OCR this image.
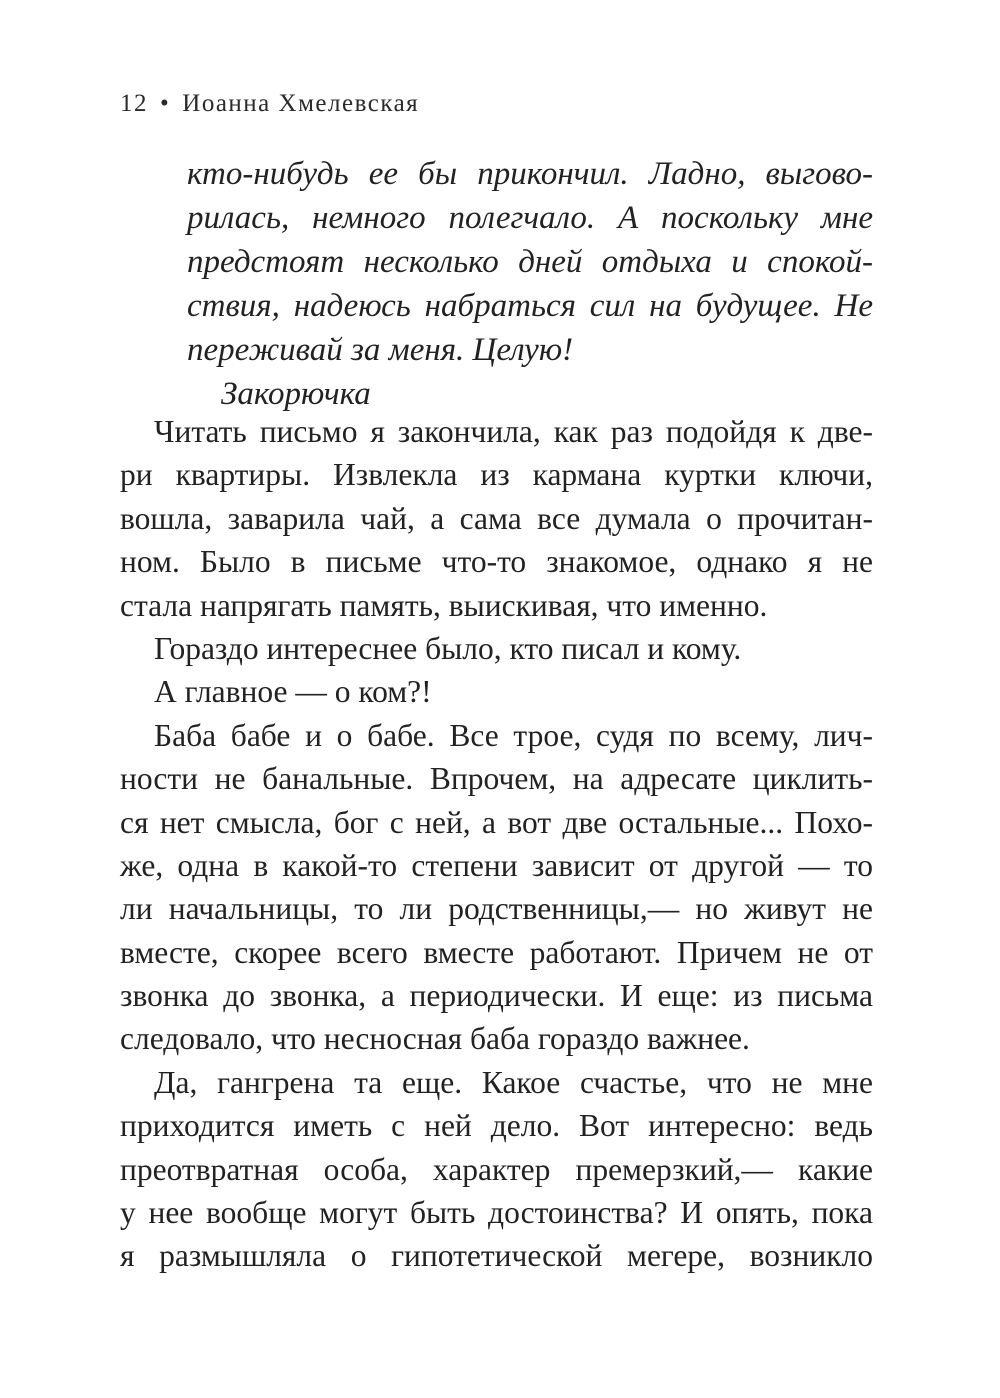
12 • Иоанна Хмелевская
кто-нибудь ее бы прикончил. Ладно, выгово-
рилась, немного полегчало. А поскольку мне
предстоят несколько дней отдыха и спокой-
ствия, надеюсь набраться сил на будущее. Не
переживай за меня. Целую!
Закорючка
Читать письмо я закончила, как раз подойдя к две-
ри квартиры. Извлекла из кармана куртки ключи,
вошла, заварила чай, а сама все думала о прочитан-
ном. Было в письме что-то знакомое, однако я не
стала напрягать память, выискивая, что именно.
Гораздо интереснее было, кто писал и кому.
А главное — о ком?!
Баба бабе и о бабе. Все трое, судя по всему, лич-
ности не банальные. Впрочем, на адресате циклить-
ся нет смысла, бог с ней, а вот две остальные... Похо-
же, одна в какой-то степени зависит от другой — то
ли начальницы, то ли родственницы,— но живут не
вместе, скорее всего вместе работают. Причем не от
звонка до звонка, а периодически. И еще: из письма
следовало, что несносная баба гораздо важнее.
Да, гангрена та еще. Какое счастье, что не мне
приходится иметь с ней дело. Вот интересно: ведь
преотвратная особа, характер премерзкий,— какие
у нее вообще могут быть достоинства? И опять, пока
я размышляла о гипотетической мегере, возникло
